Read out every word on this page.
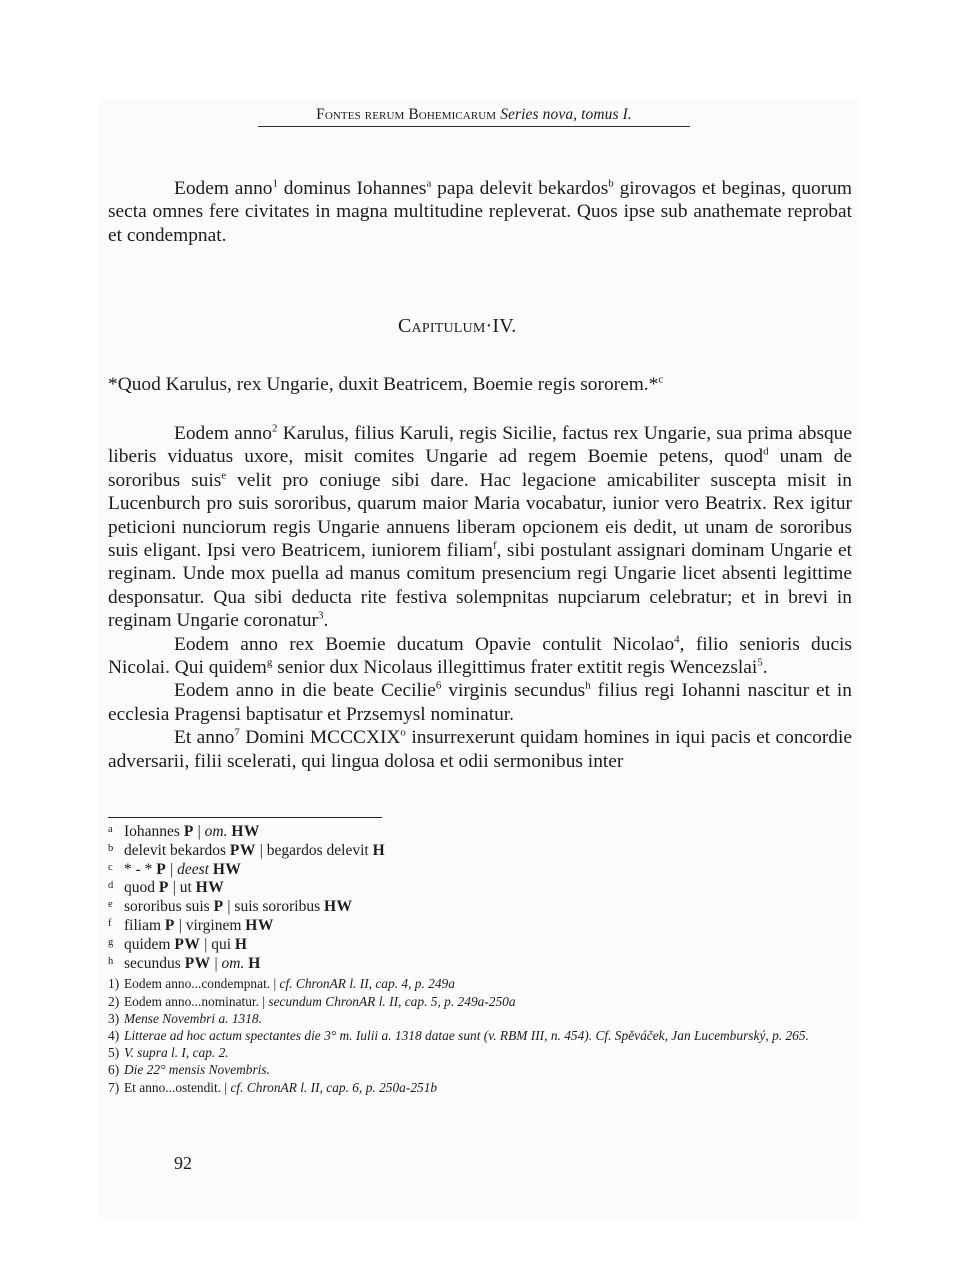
Fontes rerum Bohemicarum Series nova, tomus I.

Eodem anno$^1$ dominus Iohannes$^a$ papa delevit bekardos$^b$ girovagos et beginas, quorum secta omnes fere civitates in magna multitudine repleverat. Quos ipse sub anathemate reprobat et condempnat.

Capitulum·IV.
*Quod Karulus, rex Ungarie, duxit Beatricem, Boemie regis sororem.*$^c$

Eodem anno$^2$ Karulus, filius Karuli, regis Sicilie, factus rex Ungarie, sua prima absque liberis viduatus uxore, misit comites Ungarie ad regem Boemie petens, quod$^d$ unam de sororibus suis$^e$ velit pro coniuge sibi dare. Hac legacione amicabiliter suscepta misit in Lucenburch pro suis sororibus, quarum maior Maria vocabatur, iunior vero Beatrix. Rex igitur peticioni nunciorum regis Ungarie annuens liberam opcionem eis dedit, ut unam de sororibus suis eligant. Ipsi vero Beatricem, iuniorem filiam$^f$, sibi postulant assignari dominam Ungarie et reginam. Unde mox puella ad manus comitum presencium regi Ungarie licet absenti legittime desponsatur. Qua sibi deducta rite festiva solempnitas nupciarum celebratur; et in brevi in reginam Ungarie coronatur$^3$.

Eodem anno rex Boemie ducatum Opavie contulit Nicolao$^4$, filio senioris ducis Nicolai. Qui quidem$^g$ senior dux Nicolaus illegittimus frater extitit regis Wencezslai$^5$.

Eodem anno in die beate Cecilie$^6$ virginis secundus$^h$ filius regi Iohanni nascitur et in ecclesia Pragensi baptisatur et Przsemysl nominatur.

Et anno$^7$ Domini MCCCXIX$^o$ insurrexerunt quidam homines in iqui pacis et concordie adversarii, filii scelerati, qui lingua dolosa et odii sermonibus inter

a Iohannes P | om. HW
b delevit bekardos PW | begardos delevit H
c * - * P | deest HW
d quod P | ut HW
e sororibus suis P | suis sororibus HW
f filiam P | virginem HW
g quidem PW | qui H
h secundus PW | om. H
1) Eodem anno...condempnat. | cf. ChronAR l. II, cap. 4, p. 249a
2) Eodem anno...nominatur. | secundum ChronAR l. II, cap. 5, p. 249a-250a
3) Mense Novembri a. 1318.
4) Litterae ad hoc actum spectantes die 3° m. Iulii a. 1318 datae sunt (v. RBM III, n. 454). Cf. Spěváček, Jan Lucemburský, p. 265.
5) V. supra l. I, cap. 2.
6) Die 22° mensis Novembris.
7) Et anno...ostendit. | cf. ChronAR l. II, cap. 6, p. 250a-251b
92
